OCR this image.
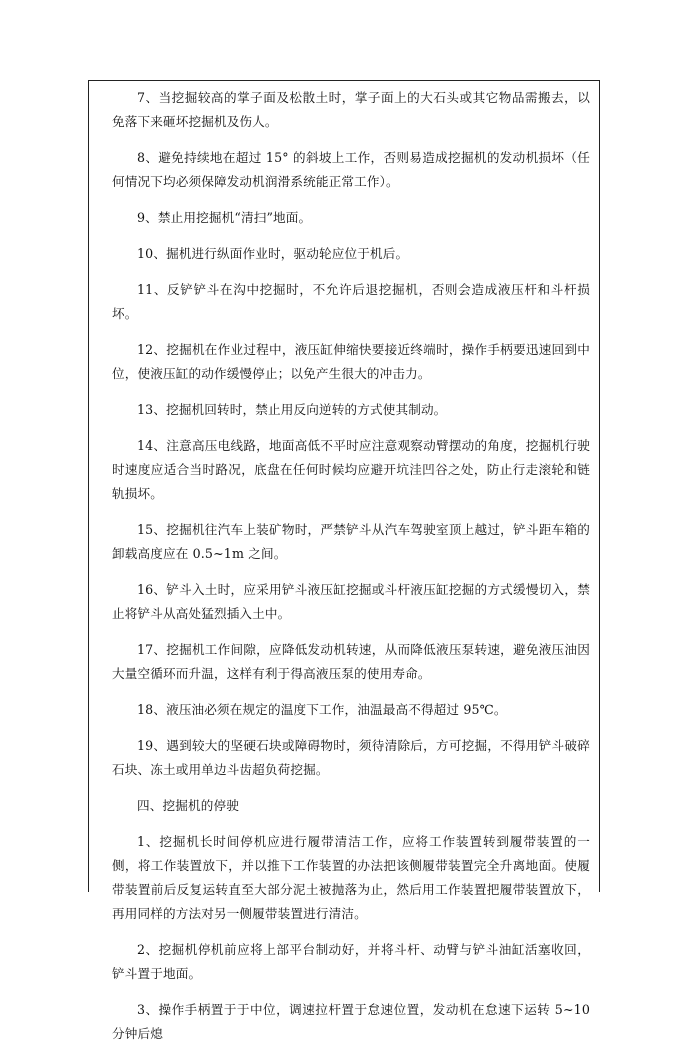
7、当挖掘较高的掌子面及松散土时，掌子面上的大石头或其它物品需搬去，以免落下来砸坏挖掘机及伤人。

8、避免持续地在超过 15° 的斜坡上工作，否则易造成挖掘机的发动机损坏（任何情况下均必须保障发动机润滑系统能正常工作）。

9、禁止用挖掘机“清扫”地面。

10、掘机进行纵面作业时，驱动轮应位于机后。

11、反铲铲斗在沟中挖掘时，不允许后退挖掘机，否则会造成液压杆和斗杆损坏。

12、挖掘机在作业过程中，液压缸伸缩快要接近终端时，操作手柄要迅速回到中位，使液压缸的动作缓慢停止；以免产生很大的冲击力。

13、挖掘机回转时，禁止用反向逆转的方式使其制动。

14、注意高压电线路，地面高低不平时应注意观察动臂摆动的角度，挖掘机行驶时速度应适合当时路况，底盘在任何时候均应避开坑洼凹谷之处，防止行走滚轮和链轨损坏。

15、挖掘机往汽车上装矿物时，严禁铲斗从汽车驾驶室顶上越过，铲斗距车箱的卸载高度应在 0.5~1m 之间。

16、铲斗入土时，应采用铲斗液压缸挖掘或斗杆液压缸挖掘的方式缓慢切入，禁止将铲斗从高处猛烈插入土中。

17、挖掘机工作间隙，应降低发动机转速，从而降低液压泵转速，避免液压油因大量空循环而升温，这样有利于得高液压泵的使用寿命。

18、液压油必须在规定的温度下工作，油温最高不得超过 95℃。

19、遇到较大的坚硬石块或障碍物时，须待清除后，方可挖掘，不得用铲斗破碎石块、冻土或用单边斗齿超负荷挖掘。

四、挖掘机的停驶

1、挖掘机长时间停机应进行履带清洁工作，应将工作装置转到履带装置的一侧，将工作装置放下，并以推下工作装置的办法把该侧履带装置完全升离地面。使履带装置前后反复运转直至大部分泥土被抛落为止，然后用工作装置把履带装置放下，再用同样的方法对另一侧履带装置进行清洁。

2、挖掘机停机前应将上部平台制动好，并将斗杆、动臂与铲斗油缸活塞收回，铲斗置于地面。

3、操作手柄置于于中位，调速拉杆置于怠速位置，发动机在怠速下运转 5~10 分钟后熄
